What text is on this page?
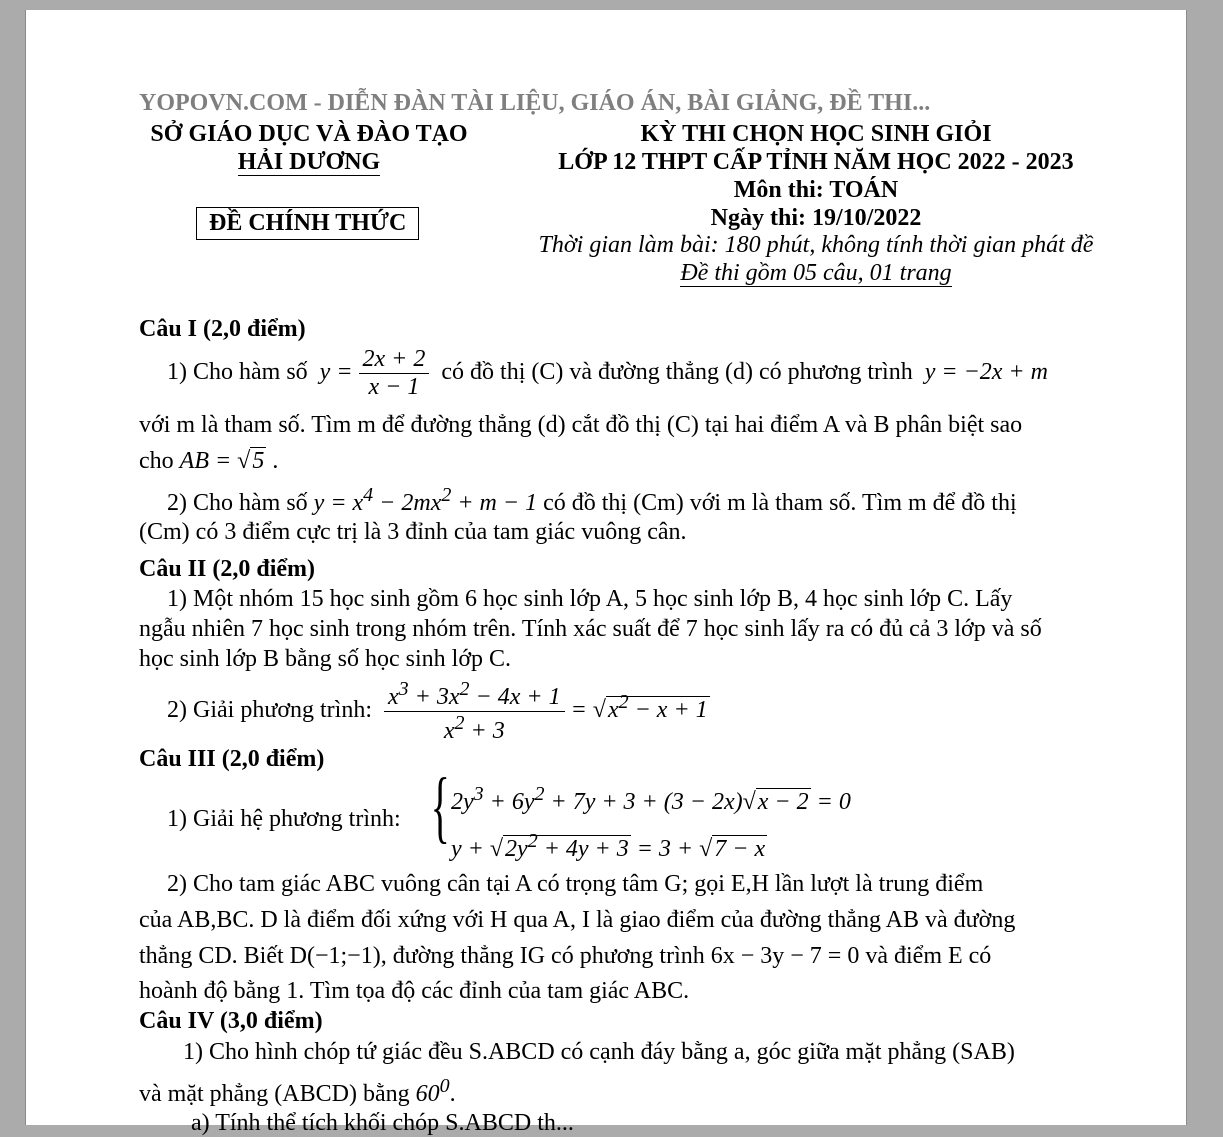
YOPOVN.COM - DIỄN ĐÀN TÀI LIỆU, GIÁO ÁN, BÀI GIẢNG, ĐỀ THI...
SỞ GIÁO DỤC VÀ ĐÀO TẠO
HẢI DƯƠNG
ĐỀ CHÍNH THỨC
KỲ THI CHỌN HỌC SINH GIỎI
LỚP 12 THPT CẤP TỈNH NĂM HỌC 2022 - 2023
Môn thi: TOÁN
Ngày thi: 19/10/2022
Thời gian làm bài: 180 phút, không tính thời gian phát đề
Đề thi gồm 05 câu, 01 trang
Câu I (2,0 điểm)
1) Cho hàm số $y = \frac{2x + 2}{x - 1}$ có đồ thị (C) và đường thẳng (d) có phương trình y = −2x + m
với m là tham số. Tìm m để đường thẳng (d) cắt đồ thị (C) tại hai điểm A và B phân biệt sao
cho AB = √5 .
2) Cho hàm số $y = x^4 - 2mx^2 + m - 1$ có đồ thị (Cm) với m là tham số. Tìm m để đồ thị
(Cm) có 3 điểm cực trị là 3 đỉnh của tam giác vuông cân.
Câu II (2,0 điểm)
1) Một nhóm 15 học sinh gồm 6 học sinh lớp A, 5 học sinh lớp B, 4 học sinh lớp C. Lấy
ngẫu nhiên 7 học sinh trong nhóm trên. Tính xác suất để 7 học sinh lấy ra có đủ cả 3 lớp và số
học sinh lớp B bằng số học sinh lớp C.
2) Giải phương trình: $\frac{x^3 + 3x^2 - 4x + 1}{x^2 + 3} = √x^2 - x + 1$
Câu III (2,0 điểm)
1) Giải hệ phương trình: { $2y^3 + 6y^2 + 7y + 3 + (3 - 2x)√x - 2 = 0$
$y + √2y^2 + 4y + 3 = 3 + √7 - x$
2) Cho tam giác ABC vuông cân tại A có trọng tâm G; gọi E,H lần lượt là trung điểm
của AB,BC. D là điểm đối xứng với H qua A, I là giao điểm của đường thẳng AB và đường
thẳng CD. Biết D(−1;−1), đường thẳng IG có phương trình 6x − 3y − 7 = 0 và điểm E có
hoành độ bằng 1. Tìm tọa độ các đỉnh của tam giác ABC.
Câu IV (3,0 điểm)
1) Cho hình chóp tứ giác đều S.ABCD có cạnh đáy bằng a, góc giữa mặt phẳng (SAB)
và mặt phẳng (ABCD) bằng $60^0$.
a) Tính thể tích khối chóp S.ABCD th...
